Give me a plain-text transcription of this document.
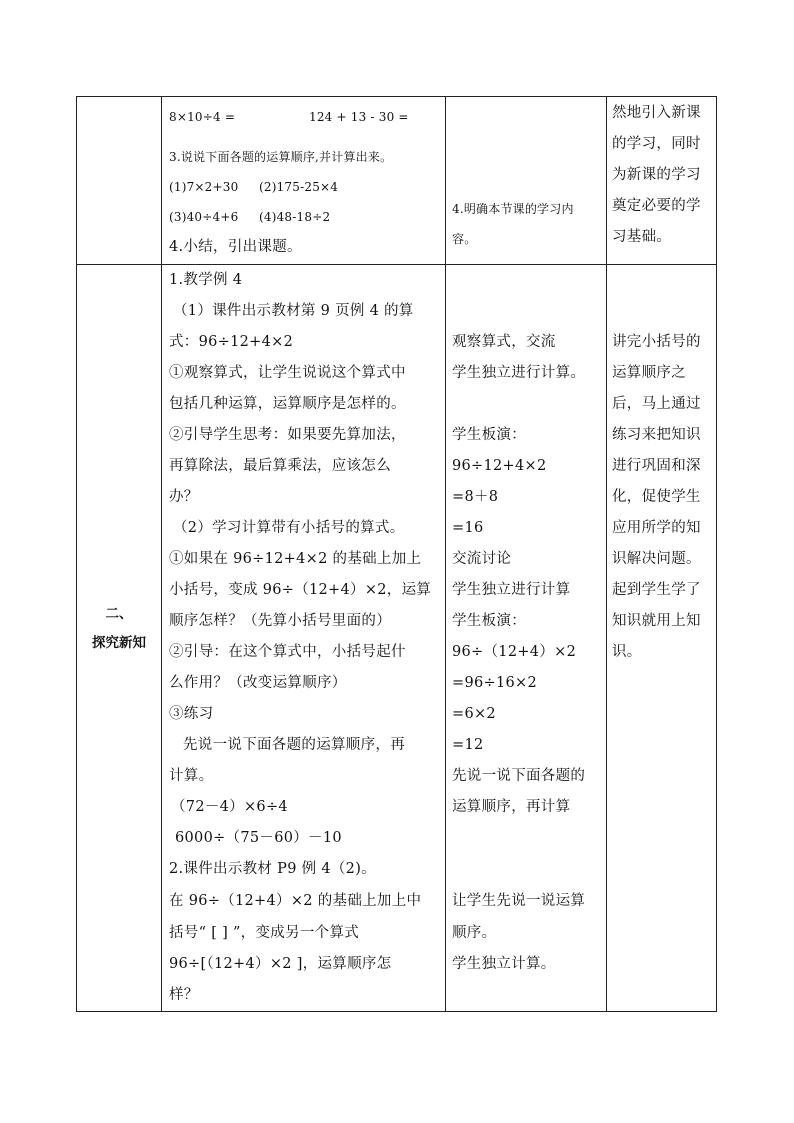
8×10÷4 =	124 + 13 - 30 =
3.说说下面各题的运算顺序,并计算出来。
(1)7×2+30 (2)175-25×4
(3)40÷4+6 (4)48-18÷2
4.小结，引出课题。
4.明确本节课的学习内
容。
然地引入新课
的学习，同时
为新课的学习
奠定必要的学
习基础。
二、
探究新知
1.教学例 4
（1）课件出示教材第 9 页例 4 的算
式：96÷12+4×2
①观察算式，让学生说说这个算式中
包括几种运算，运算顺序是怎样的。
②引导学生思考：如果要先算加法，
再算除法，最后算乘法，应该怎么
办？
（2）学习计算带有小括号的算式。
①如果在 96÷12+4×2 的基础上加上
小括号，变成 96÷（12+4）×2，运算
顺序怎样？（先算小括号里面的）
②引导：在这个算式中，小括号起什
么作用？（改变运算顺序）
③练习
先说一说下面各题的运算顺序，再
计算。
（72－4）×6÷4
6000÷（75－60）－10
2.课件出示教材 P9 例 4（2)。
在 96÷（12+4）×2 的基础上加上中
括号“ [ ] ”，变成另一个算式
96÷[（12+4）×2 ]，运算顺序怎
样？
观察算式，交流
学生独立进行计算。
学生板演：
96÷12+4×2
=8＋8
=16
交流讨论
学生独立进行计算
学生板演：
96÷（12+4）×2
=96÷16×2
=6×2
=12
先说一说下面各题的
运算顺序，再计算
让学生先说一说运算
顺序。
学生独立计算。
讲完小括号的
运算顺序之
后，马上通过
练习来把知识
进行巩固和深
化，促使学生
应用所学的知
识解决问题。
起到学生学了
知识就用上知
识。
